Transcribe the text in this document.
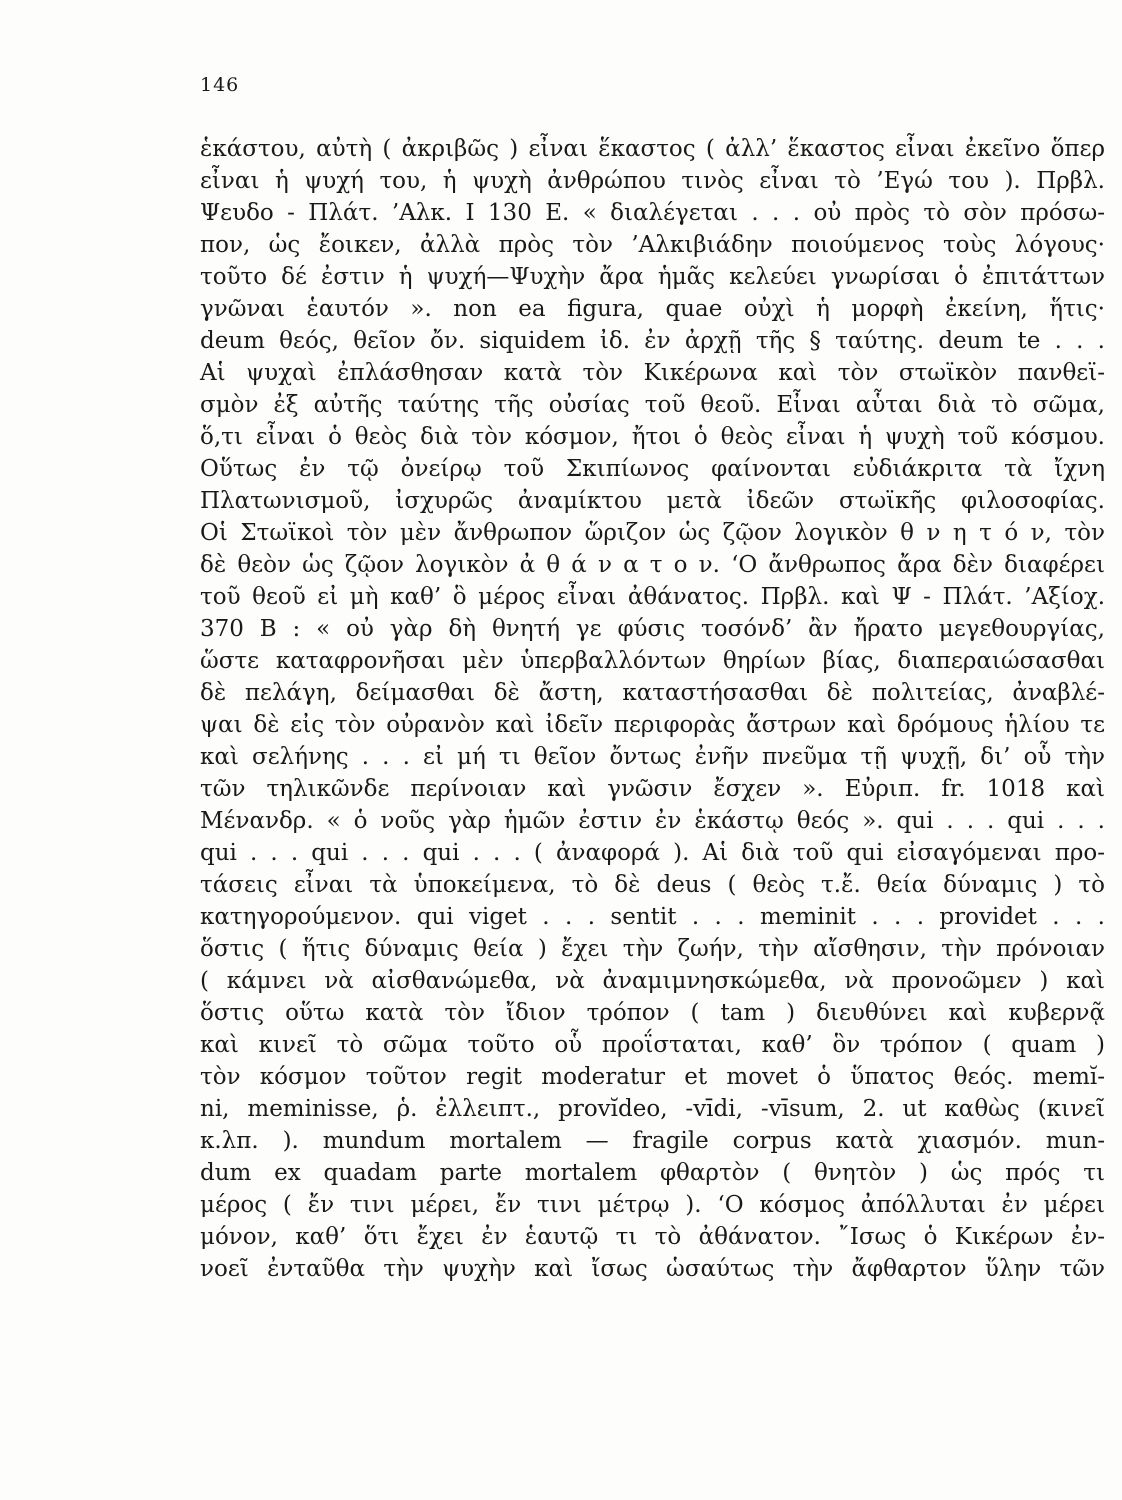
146
ἑκάστου, αὐτὴ ( ἀκριβῶς ) εἶναι ἕκαστος ( ἀλλ’ ἕκαστος εἶναι ἐκεῖνο ὅπερ
εἶναι ἡ ψυχή του, ἡ ψυχὴ ἀνθρώπου τινὸς εἶναι τὸ ’Εγώ του ). Πρβλ.
Ψευδο - Πλάτ. ’Αλκ. I 130 E. « διαλέγεται . . . οὐ πρὸς τὸ σὸν πρόσω-
πον, ὡς ἔοικεν, ἀλλὰ πρὸς τὸν ’Αλκιβιάδην ποιούμενος τοὺς λόγους·
τοῦτο δέ ἐστιν ἡ ψυχή—Ψυχὴν ἄρα ἡμᾶς κελεύει γνωρίσαι ὁ ἐπιτάττων
γνῶναι ἑαυτόν ». non ea figura, quae οὐχὶ ἡ μορφὴ ἐκείνη, ἥτις·
deum θεός, θεῖον ὄν. siquidem ἰδ. ἐν ἀρχῇ τῆς § ταύτης. deum te . . .
Αἱ ψυχαὶ ἐπλάσθησαν κατὰ τὸν Κικέρωνα καὶ τὸν στωϊκὸν πανθεϊ-
σμὸν ἐξ αὐτῆς ταύτης τῆς οὐσίας τοῦ θεοῦ. Εἶναι αὗται διὰ τὸ σῶμα,
ὅ,τι εἶναι ὁ θεὸς διὰ τὸν κόσμον, ἤτοι ὁ θεὸς εἶναι ἡ ψυχὴ τοῦ κόσμου.
Οὕτως ἐν τῷ ὀνείρῳ τοῦ Σκιπίωνος φαίνονται εὐδιάκριτα τὰ ἴχνη
Πλατωνισμοῦ, ἰσχυρῶς ἀναμίκτου μετὰ ἰδεῶν στωϊκῆς φιλοσοφίας.
Οἱ Στωϊκοὶ τὸν μὲν ἄνθρωπον ὥριζον ὡς ζῷον λογικὸν θ ν η τ ό ν, τὸν
δὲ θεὸν ὡς ζῷον λογικὸν ἀ θ ά ν α τ ο ν. ‘Ο ἄνθρωπος ἄρα δὲν διαφέρει
τοῦ θεοῦ εἰ μὴ καθ’ ὃ μέρος εἶναι ἀθάνατος. Πρβλ. καὶ Ψ - Πλάτ. ’Αξίοχ.
370 B : « οὐ γὰρ δὴ θνητή γε φύσις τοσόνδ’ ἂν ἤρατο μεγεθουργίας,
ὥστε καταφρονῆσαι μὲν ὑπερβαλλόντων θηρίων βίας, διαπεραιώσασθαι
δὲ πελάγη, δείμασθαι δὲ ἄστη, καταστήσασθαι δὲ πολιτείας, ἀναβλέ-
ψαι δὲ εἰς τὸν οὐρανὸν καὶ ἰδεῖν περιφορὰς ἄστρων καὶ δρόμους ἡλίου τε
καὶ σελήνης . . . εἰ μή τι θεῖον ὄντως ἐνῆν πνεῦμα τῇ ψυχῇ, δι’ οὗ τὴν
τῶν τηλικῶνδε περίνοιαν καὶ γνῶσιν ἔσχεν ». Εὐριπ. fr. 1018 καὶ
Μένανδρ. « ὁ νοῦς γὰρ ἡμῶν ἐστιν ἐν ἑκάστῳ θεός ». qui . . . qui . . .
qui . . . qui . . . qui . . . ( ἀναφορά ). Αἱ διὰ τοῦ qui εἰσαγόμεναι προ-
τάσεις εἶναι τὰ ὑποκείμενα, τὸ δὲ deus ( θεὸς τ.ἔ. θεία δύναμις ) τὸ
κατηγορούμενον. qui viget . . . sentit . . . meminit . . . providet . . .
ὅστις ( ἥτις δύναμις θεία ) ἔχει τὴν ζωήν, τὴν αἴσθησιν, τὴν πρόνοιαν
( κάμνει νὰ αἰσθανώμεθα, νὰ ἀναμιμνησκώμεθα, νὰ προνοῶμεν ) καὶ
ὅστις οὕτω κατὰ τὸν ἴδιον τρόπον ( tam ) διευθύνει καὶ κυβερνᾷ
καὶ κινεῖ τὸ σῶμα τοῦτο οὗ προΐσταται, καθ’ ὃν τρόπον ( quam )
τὸν κόσμον τοῦτον regit moderatur et movet ὁ ὕπατος θεός. memĭ-
ni, meminisse, ῥ. ἐλλειπτ., provĭdeo, -vīdi, -vīsum, 2. ut καθὼς (κινεῖ
κ.λπ. ). mundum mortalem — fragile corpus κατὰ χιασμόν. mun-
dum ex quadam parte mortalem φθαρτὸν ( θνητὸν ) ὡς πρός τι
μέρος ( ἔν τινι μέρει, ἔν τινι μέτρῳ ). ‘Ο κόσμος ἀπόλλυται ἐν μέρει
μόνον, καθ’ ὅτι ἔχει ἐν ἑαυτῷ τι τὸ ἀθάνατον. ῎Ισως ὁ Κικέρων ἐν-
νοεῖ ἐνταῦθα τὴν ψυχὴν καὶ ἴσως ὡσαύτως τὴν ἄφθαρτον ὕλην τῶν
